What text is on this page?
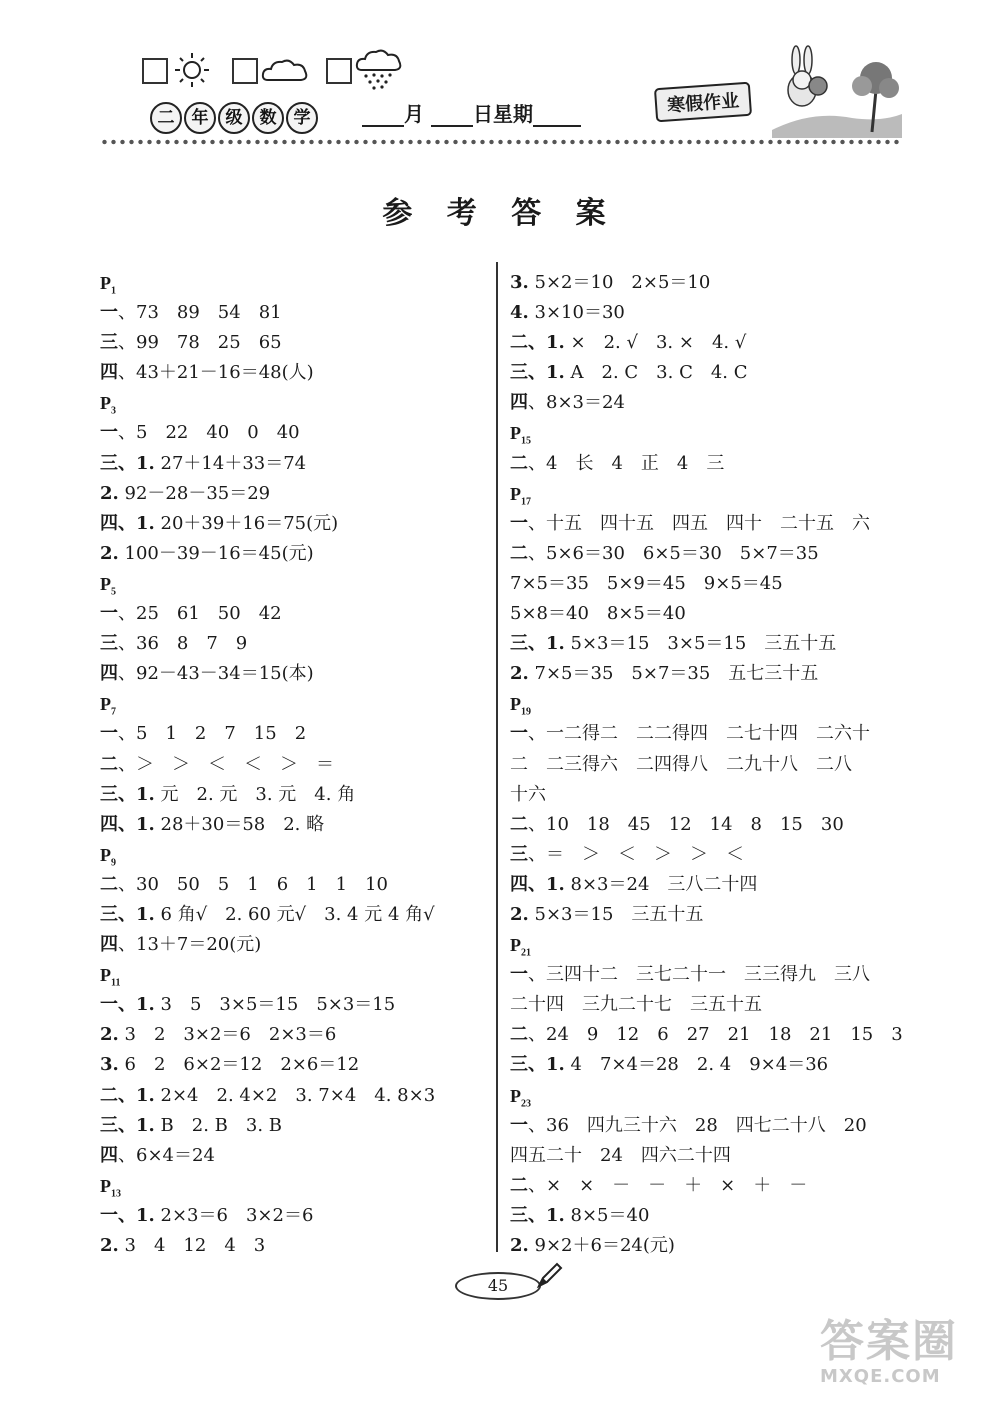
二	年	级	数	学	月 日星期	寒假作业
参 考 答 案
$P_1$
一、73　89　54　81
三、99　78　25　65
四、43＋21－16＝48(人)
$P_3$
一、5　22　40　0　40
三、1. 27＋14＋33＝74
2. 92－28－35＝29
四、1. 20＋39＋16＝75(元)
2. 100－39－16＝45(元)
$P_5$
一、25　61　50　42
三、36　8　7　9
四、92－43－34＝15(本)
$P_7$
一、5　1　2　7　15　2
二、＞　＞　＜　＜　＞　＝
三、1. 元　2. 元　3. 元　4. 角
四、1. 28＋30＝58　2. 略
$P_9$
二、30　50　5　1　6　1　1　10
三、1. 6 角√　2. 60 元√　3. 4 元 4 角√
四、13＋7＝20(元)
$P_{11}$
一、1. 3　5　3×5＝15　5×3＝15
2. 3　2　3×2＝6　2×3＝6
3. 6　2　6×2＝12　2×6＝12
二、1. 2×4　2. 4×2　3. 7×4　4. 8×3
三、1. B　2. B　3. B
四、6×4＝24
$P_{13}$
一、1. 2×3＝6　3×2＝6
2. 3　4　12　4　3
3. 5×2＝10　2×5＝10
4. 3×10＝30
二、1. ×　2. √　3. ×　4. √
三、1. A　2. C　3. C　4. C
四、8×3＝24
$P_{15}$
二、4　长　4　正　4　三
$P_{17}$
一、十五　四十五　四五　四十　二十五　六
二、5×6＝30　6×5＝30　5×7＝35
7×5＝35　5×9＝45　9×5＝45
5×8＝40　8×5＝40
三、1. 5×3＝15　3×5＝15　三五十五
2. 7×5＝35　5×7＝35　五七三十五
$P_{19}$
一、一二得二　二二得四　二七十四　二六十
二　二三得六　二四得八　二九十八　二八
十六
二、10　18　45　12　14　8　15　30
三、＝　＞　＜　＞　＞　＜
四、1. 8×3＝24　三八二十四
2. 5×3＝15　三五十五
$P_{21}$
一、三四十二　三七二十一　三三得九　三八
二十四　三九二十七　三五十五
二、24　9　12　6　27　21　18　21　15　3
三、1. 4　7×4＝28　2. 4　9×4＝36
$P_{23}$
一、36　四九三十六　28　四七二十八　20
四五二十　24　四六二十四
二、×　×　－　－　＋　×　＋　－
三、1. 8×5＝40
2. 9×2＋6＝24(元)
45
答案圈
MXQE.COM
